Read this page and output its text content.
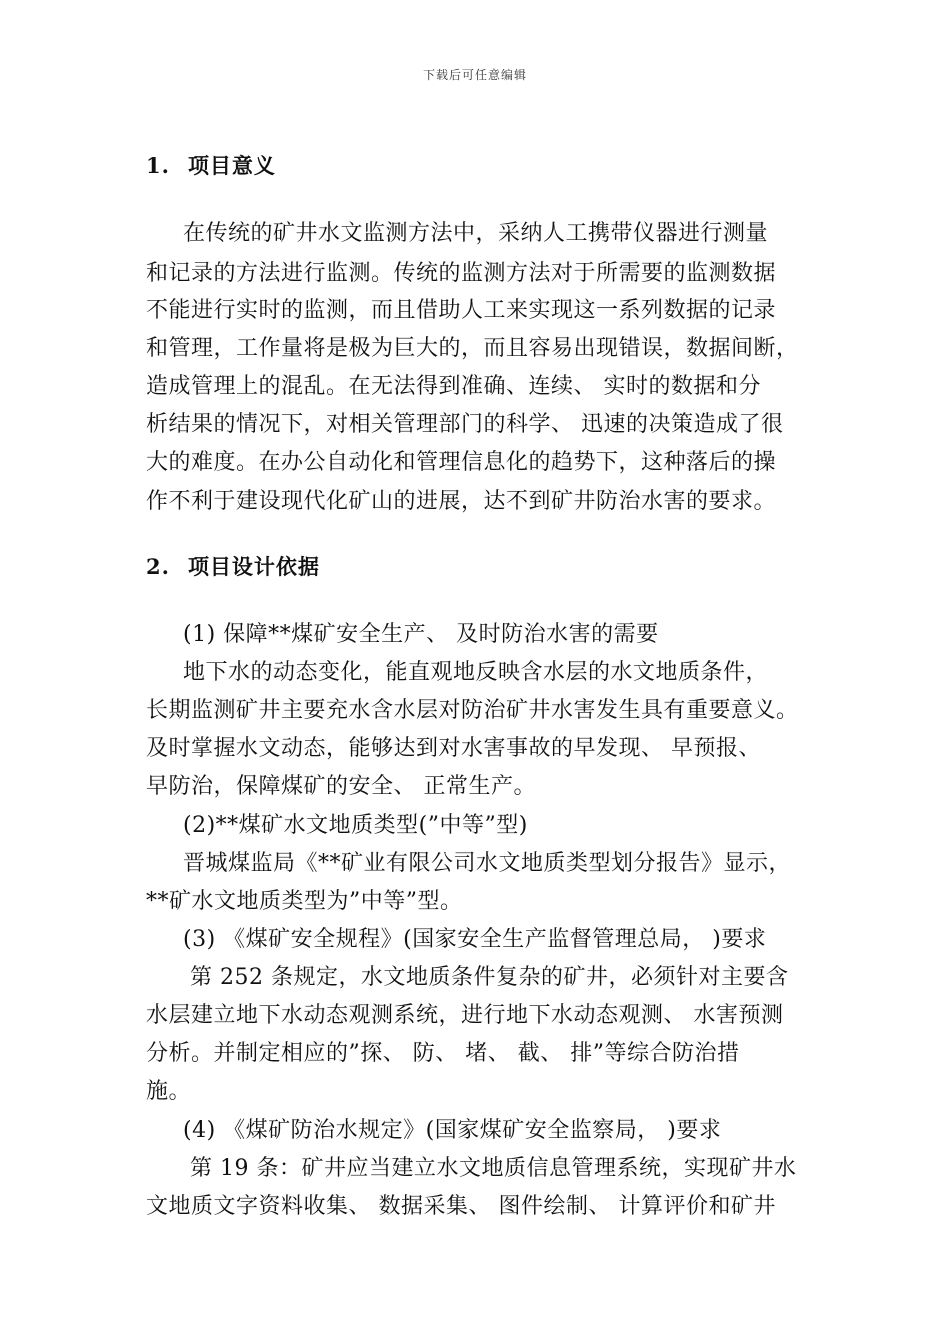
下载后可任意编辑
1. 项目意义
在传统的矿井水文监测方法中，采纳人工携带仪器进行测量
和记录的方法进行监测。传统的监测方法对于所需要的监测数据
不能进行实时的监测，而且借助人工来实现这一系列数据的记录
和管理，工作量将是极为巨大的，而且容易出现错误，数据间断，
造成管理上的混乱。在无法得到准确、连续、 实时的数据和分
析结果的情况下，对相关管理部门的科学、 迅速的决策造成了很
大的难度。在办公自动化和管理信息化的趋势下，这种落后的操
作不利于建设现代化矿山的进展，达不到矿井防治水害的要求。
2. 项目设计依据
(1) 保障**煤矿安全生产、 及时防治水害的需要
地下水的动态变化，能直观地反映含水层的水文地质条件，
长期监测矿井主要充水含水层对防治矿井水害发生具有重要意义。
及时掌握水文动态，能够达到对水害事故的早发现、 早预报、
早防治，保障煤矿的安全、 正常生产。
(2)**煤矿水文地质类型(”中等”型)
晋城煤监局《**矿业有限公司水文地质类型划分报告》显示，
**矿水文地质类型为”中等”型。
(3) 《煤矿安全规程》(国家安全生产监督管理总局， )要求
第 252 条规定，水文地质条件复杂的矿井，必须针对主要含
水层建立地下水动态观测系统，进行地下水动态观测、 水害预测
分析。并制定相应的”探、 防、 堵、 截、 排”等综合防治措
施。
(4) 《煤矿防治水规定》(国家煤矿安全监察局， )要求
第 19 条：矿井应当建立水文地质信息管理系统，实现矿井水
文地质文字资料收集、 数据采集、 图件绘制、 计算评价和矿井
